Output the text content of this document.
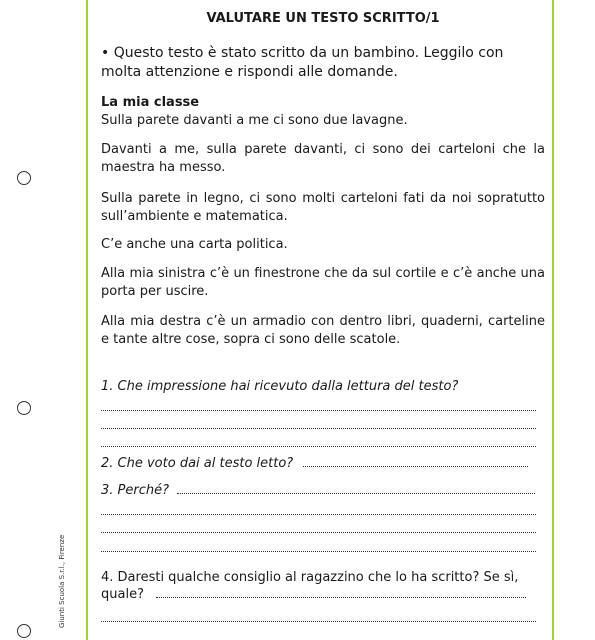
Giunti Scuola S.r.l., Firenze
VALUTARE UN TESTO SCRITTO/1
• Questo testo è stato scritto da un bambino. Leggilo con molta attenzione e rispondi alle domande.
La mia classe
Sulla parete davanti a me ci sono due lavagne.
Davanti a me, sulla parete davanti, ci sono dei carteloni che la maestra ha messo.
Sulla parete in legno, ci sono molti carteloni fati da noi sopratutto sull’ambiente e matematica.
C’e anche una carta politica.
Alla mia sinistra c’è un finestrone che da sul cortile e c’è anche una porta per uscire.
Alla mia destra c’è un armadio con dentro libri, quaderni, carteline e tante altre cose, sopra ci sono delle scatole.
1. Che impressione hai ricevuto dalla lettura del testo?
2. Che voto dai al testo letto?
3. Perché?
4. Daresti qualche consiglio al ragazzino che lo ha scritto? Se sì,
quale?
